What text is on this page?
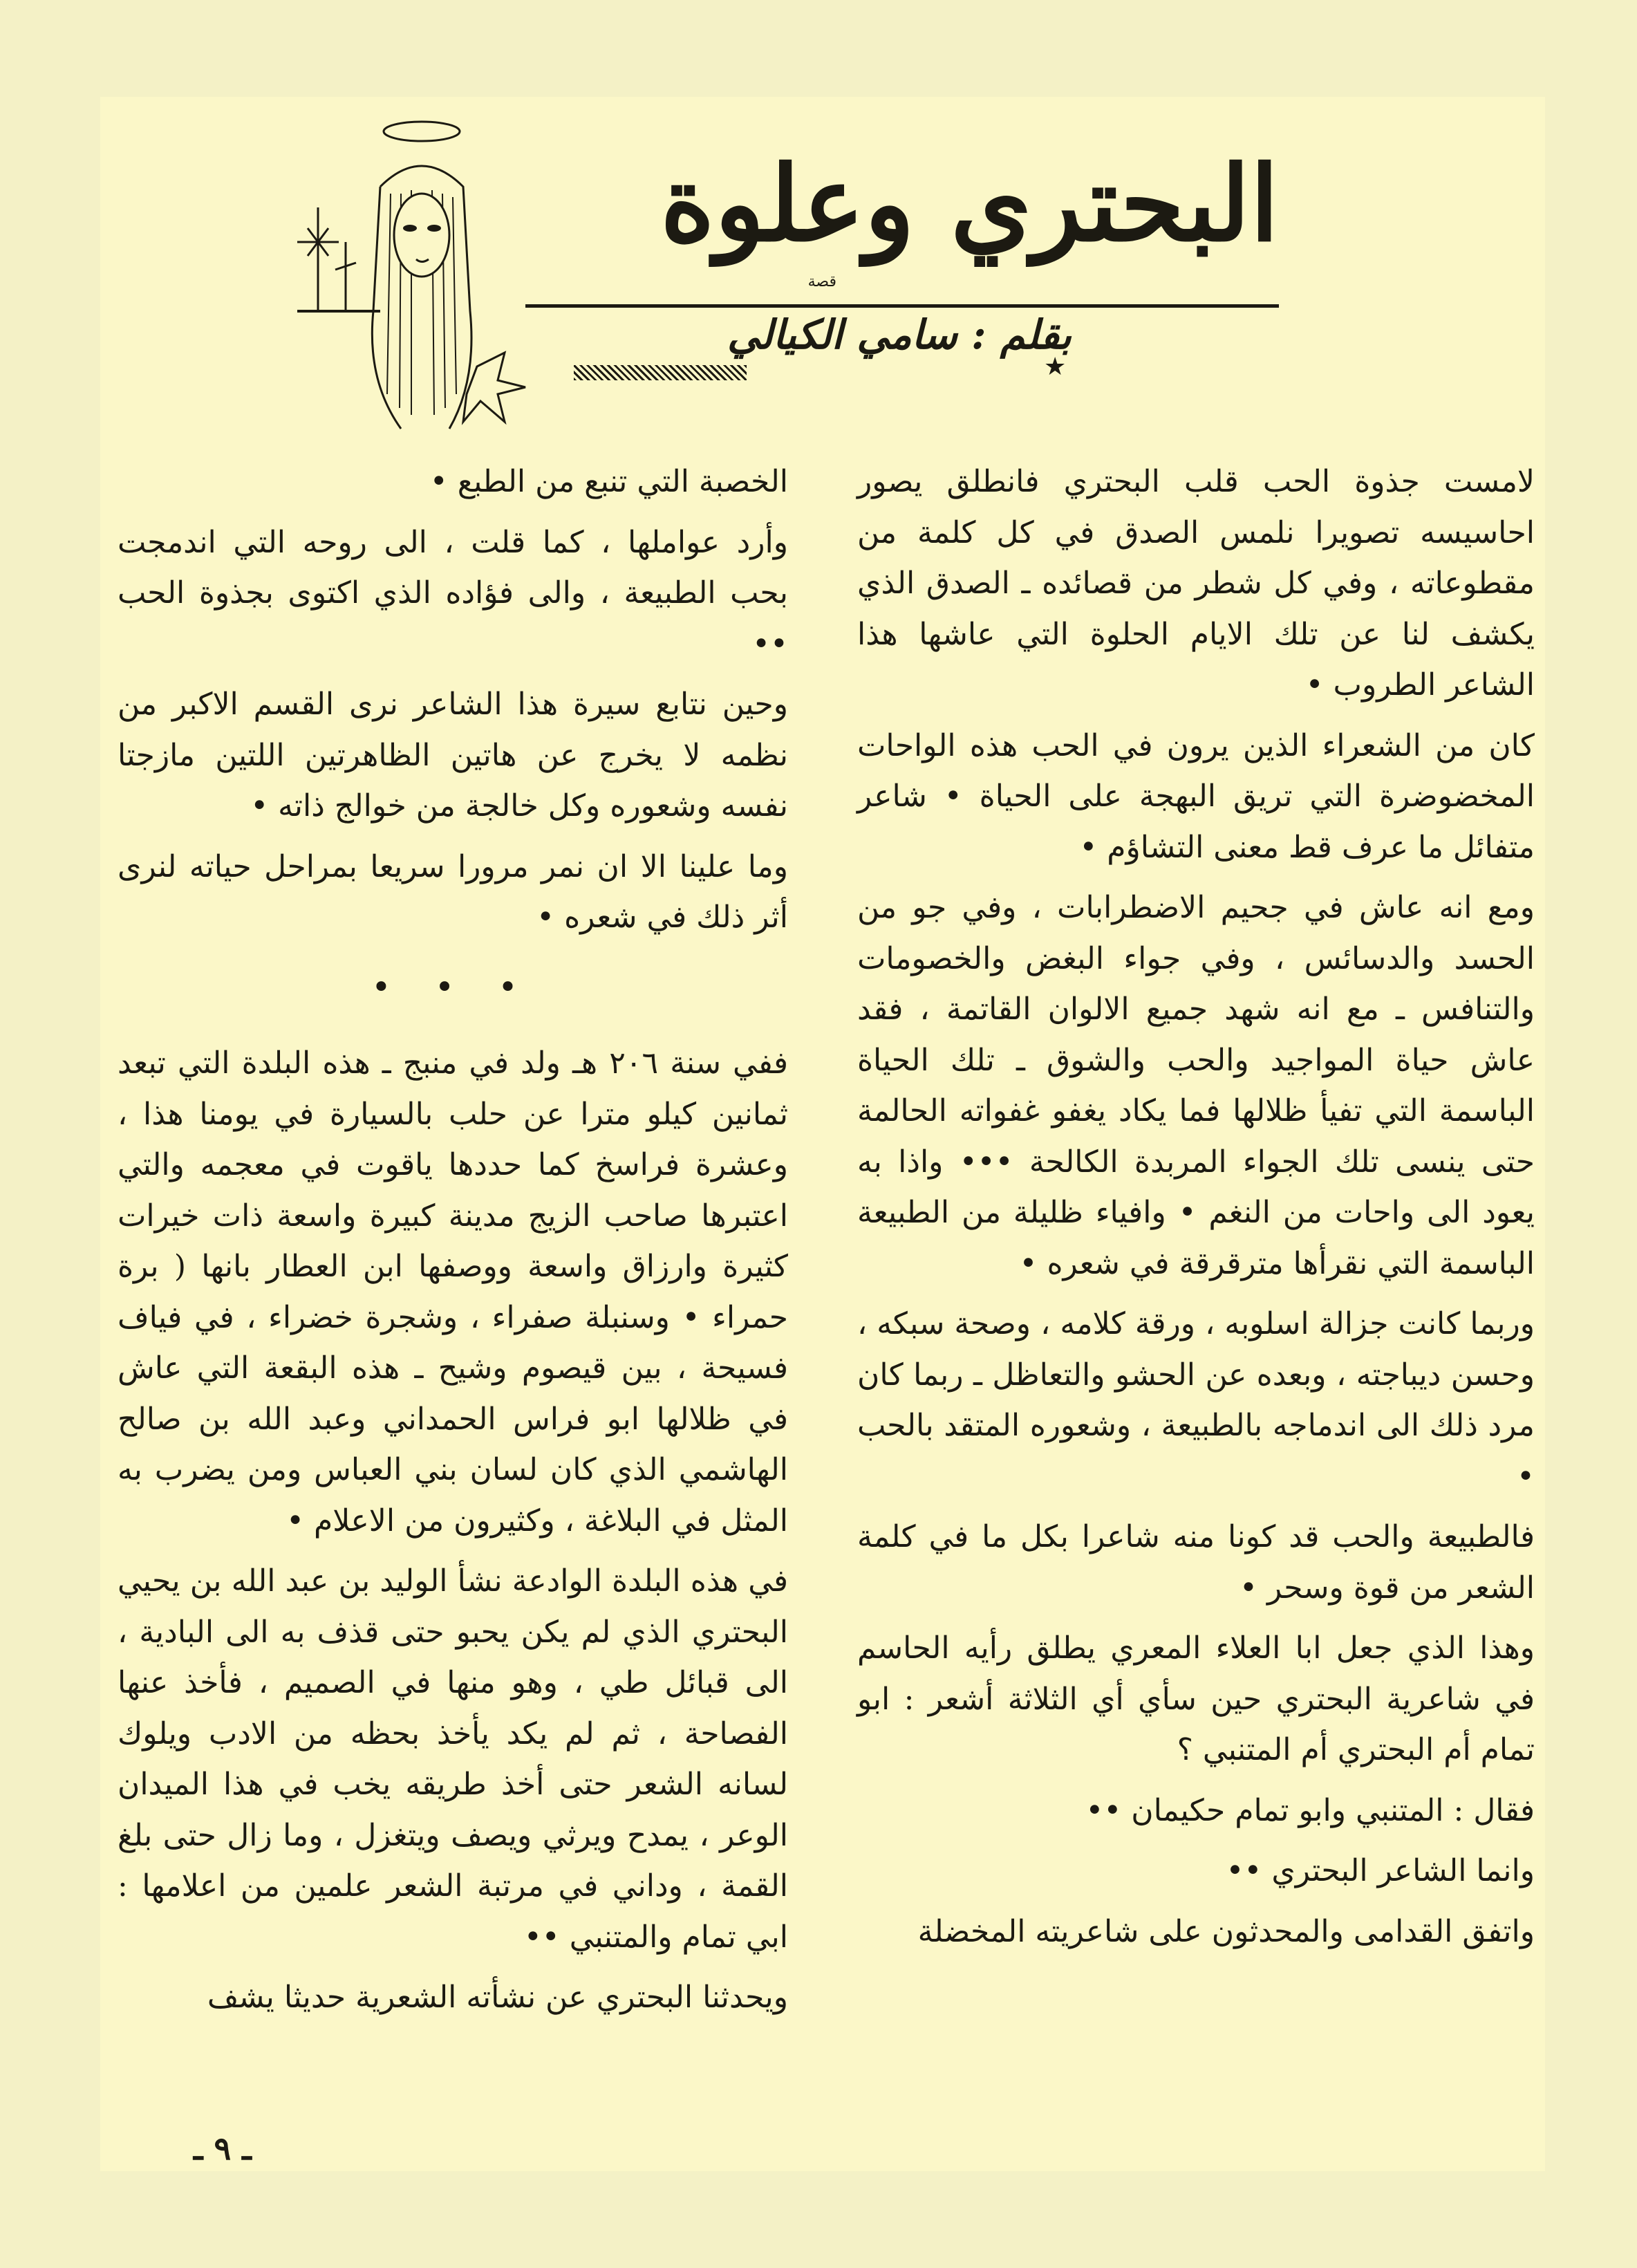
البحتري وعلوة
قصة
بقلم : سامي الكيالي
★

لامست جذوة الحب قلب البحتري فانطلق يصور احاسيسه تصويرا نلمس الصدق في كل كلمة من مقطوعاته ، وفي كل شطر من قصائده ـ الصدق الذي يكشف لنا عن تلك الايام الحلوة التي عاشها هذا الشاعر الطروب •

كان من الشعراء الذين يرون في الحب هذه الواحات المخضوضرة التي تريق البهجة على الحياة • شاعر متفائل ما عرف قط معنى التشاؤم •

ومع انه عاش في جحيم الاضطرابات ، وفي جو من الحسد والدسائس ، وفي جواء البغض والخصومات والتنافس ـ مع انه شهد جميع الالوان القاتمة ، فقد عاش حياة المواجيد والحب والشوق ـ تلك الحياة الباسمة التي تفيأ ظلالها فما يكاد يغفو غفواته الحالمة حتى ينسى تلك الجواء المربدة الكالحة ••• واذا به يعود الى واحات من النغم • وافياء ظليلة من الطبيعة الباسمة التي نقرأها مترقرقة في شعره •

وربما كانت جزالة اسلوبه ، ورقة كلامه ، وصحة سبكه ، وحسن ديباجته ، وبعده عن الحشو والتعاظل ـ ربما كان مرد ذلك الى اندماجه بالطبيعة ، وشعوره المتقد بالحب •

فالطبيعة والحب قد كونا منه شاعرا بكل ما في كلمة الشعر من قوة وسحر •

وهذا الذي جعل ابا العلاء المعري يطلق رأيه الحاسم في شاعرية البحتري حين سأي أي الثلاثة أشعر : ابو تمام أم البحتري أم المتنبي ؟

فقال : المتنبي وابو تمام حكيمان ••

وانما الشاعر البحتري ••

واتفق القدامى والمحدثون على شاعريته المخضلة

الخصبة التي تنبع من الطبع •

وأرد عواملها ، كما قلت ، الى روحه التي اندمجت بحب الطبيعة ، والى فؤاده الذي اكتوى بجذوة الحب ••

وحين نتابع سيرة هذا الشاعر نرى القسم الاكبر من نظمه لا يخرج عن هاتين الظاهرتين اللتين مازجتا نفسه وشعوره وكل خالجة من خوالج ذاته •

وما علينا الا ان نمر مرورا سريعا بمراحل حياته لنرى أثر ذلك في شعره •

• • •

ففي سنة ٢٠٦ هـ ولد في منبج ـ هذه البلدة التي تبعد ثمانين كيلو مترا عن حلب بالسيارة في يومنا هذا ، وعشرة فراسخ كما حددها ياقوت في معجمه والتي اعتبرها صاحب الزيج مدينة كبيرة واسعة ذات خيرات كثيرة وارزاق واسعة ووصفها ابن العطار بانها ( برة حمراء • وسنبلة صفراء ، وشجرة خضراء ، في فياف فسيحة ، بين قيصوم وشيح ـ هذه البقعة التي عاش في ظلالها ابو فراس الحمداني وعبد الله بن صالح الهاشمي الذي كان لسان بني العباس ومن يضرب به المثل في البلاغة ، وكثيرون من الاعلام •

في هذه البلدة الوادعة نشأ الوليد بن عبد الله بن يحيي البحتري الذي لم يكن يحبو حتى قذف به الى البادية ، الى قبائل طي ، وهو منها في الصميم ، فأخذ عنها الفصاحة ، ثم لم يكد يأخذ بحظه من الادب ويلوك لسانه الشعر حتى أخذ طريقه يخب في هذا الميدان الوعر ، يمدح ويرثي ويصف ويتغزل ، وما زال حتى بلغ القمة ، وداني في مرتبة الشعر علمين من اعلامها : ابي تمام والمتنبي ••

ويحدثنا البحتري عن نشأته الشعرية حديثا يشف

ـ ٩ ـ
